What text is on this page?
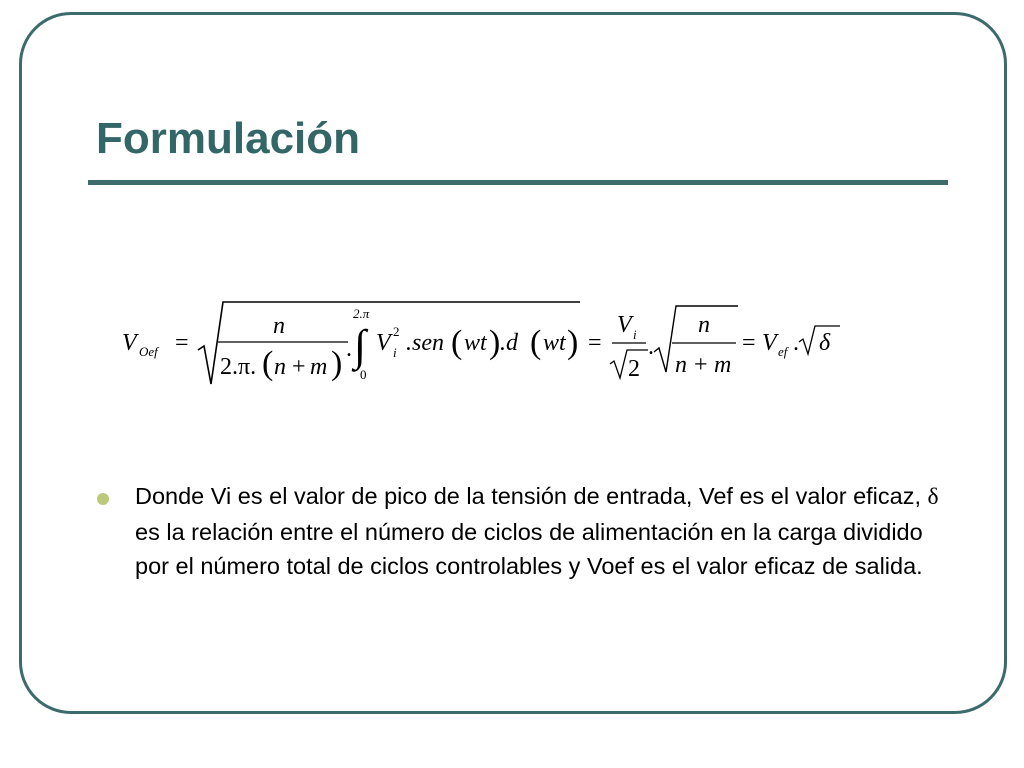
Formulación
V Oef =
n
2.π. ( n + m ) .
2.π
∫
0
V 2
i .sen ( wt ) .d ( wt ) =
V i
2
.
n
n + m
= V ef . δ

Donde Vi es el valor de pico de la tensión de entrada, Vef es el valor eficaz, δ es la relación entre el número de ciclos de alimentación en la carga dividido por el número total de ciclos controlables y Voef es el valor eficaz de salida.
